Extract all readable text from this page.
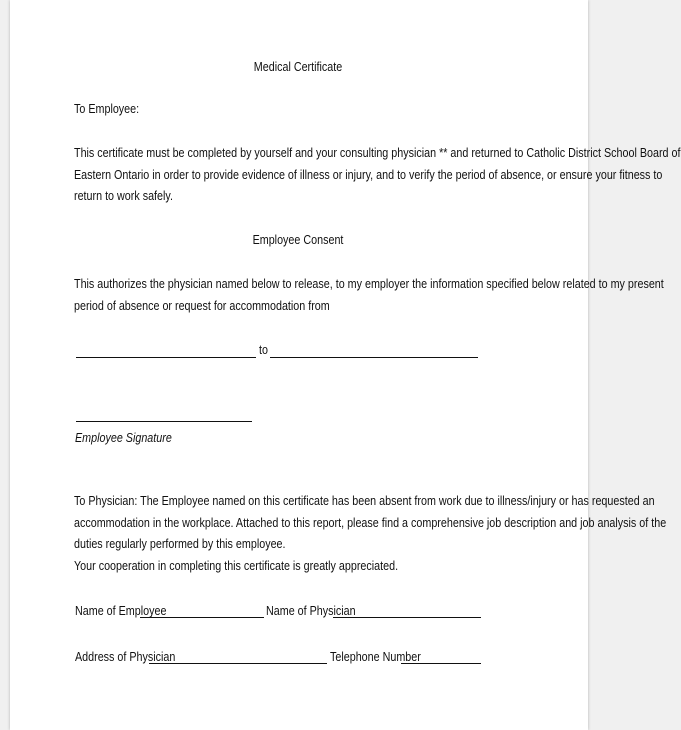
Medical Certificate
To Employee:
This certificate must be completed by yourself and your consulting physician ** and returned to Catholic District School Board of
Eastern Ontario in order to provide evidence of illness or injury, and to verify the period of absence, or ensure your fitness to
return to work safely.
Employee Consent
This authorizes the physician named below to release, to my employer the information specified below related to my present
period of absence or request for accommodation from
to
Employee Signature
To Physician: The Employee named on this certificate has been absent from work due to illness/injury or has requested an
accommodation in the workplace. Attached to this report, please find a comprehensive job description and job analysis of the
duties regularly performed by this employee.
Your cooperation in completing this certificate is greatly appreciated.
Name of Employee	Name of Physician
Address of Physician	Telephone Number
